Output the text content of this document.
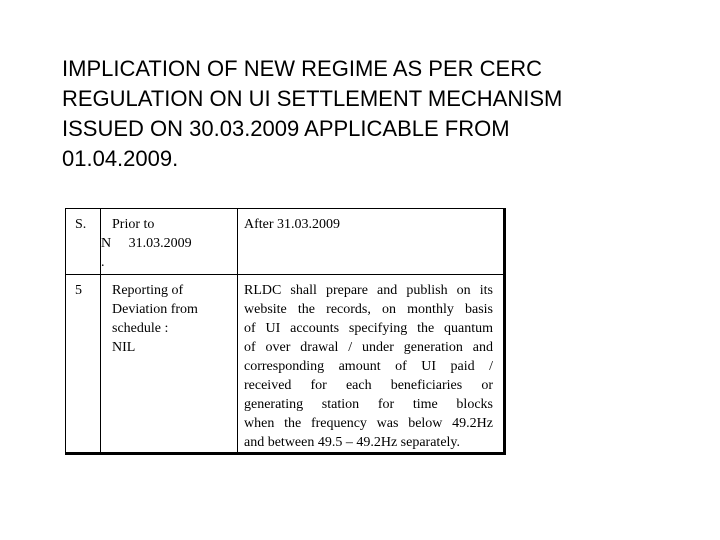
IMPLICATION OF NEW REGIME AS PER CERC
REGULATION ON UI SETTLEMENT MECHANISM
ISSUED ON 30.03.2009 APPLICABLE FROM
01.04.2009.
S. Prior to
N 31.03.2009
.
After 31.03.2009
5 Reporting of
Deviation from
schedule :
NIL
RLDC shall prepare and publish on its
website the records, on monthly basis
of UI accounts specifying the quantum
of over drawal / under generation and
corresponding amount of UI paid /
received for each beneficiaries or
generating station for time blocks
when the frequency was below 49.2Hz
and between 49.5 – 49.2Hz separately.
